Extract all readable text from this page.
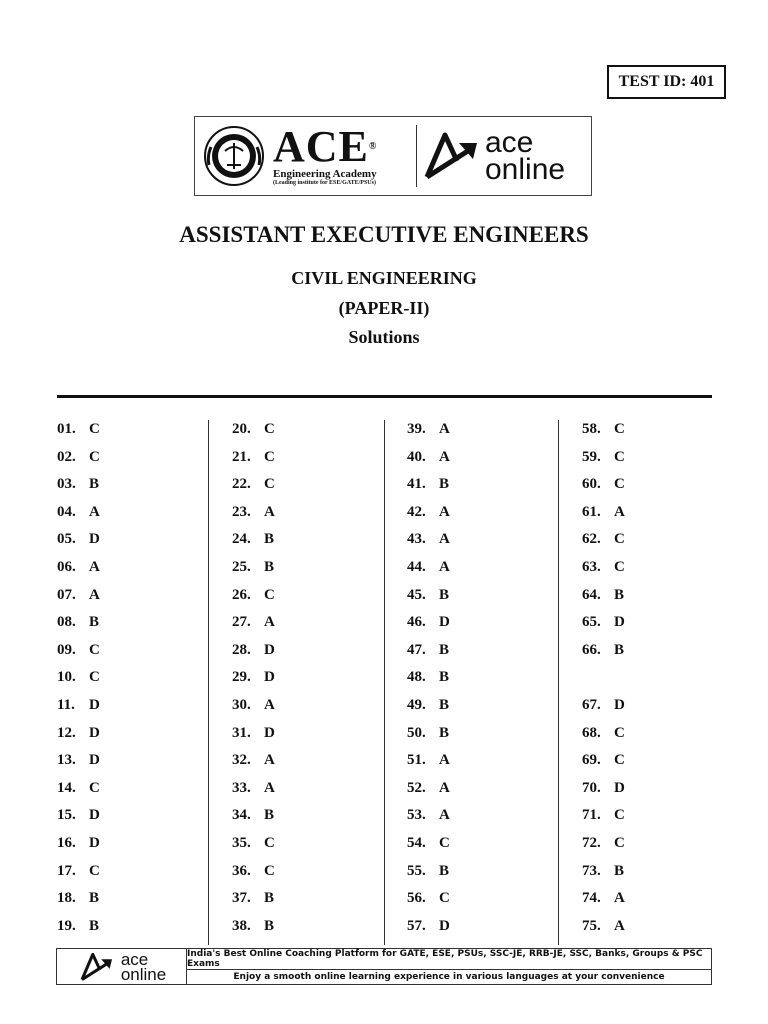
TEST ID: 401
ACE®
Engineering Academy
(Leading institute for ESE/GATE/PSUs)
ace
online
ASSISTANT EXECUTIVE ENGINEERS
CIVIL ENGINEERING
(PAPER-II)
Solutions
01. C
02. C
03. B
04. A
05. D
06. A
07. A
08. B
09. C
10. C
11. D
12. D
13. D
14. C
15. D
16. D
17. C
18. B
19. B
20. C
21. C
22. C
23. A
24. B
25. B
26. C
27. A
28. D
29. D
30. A
31. D
32. A
33. A
34. B
35. C
36. C
37. B
38. B
39. A
40. A
41. B
42. A
43. A
44. A
45. B
46. D
47. B
48. B
49. B
50. B
51. A
52. A
53. A
54. C
55. B
56. C
57. D
58. C
59. C
60. C
61. A
62. C
63. C
64. B
65. D
66. B
67. D
68. C
69. C
70. D
71. C
72. C
73. B
74. A
75. A
ace
online
India's Best Online Coaching Platform for GATE, ESE, PSUs, SSC-JE, RRB-JE, SSC, Banks, Groups & PSC Exams
Enjoy a smooth online learning experience in various languages at your convenience
